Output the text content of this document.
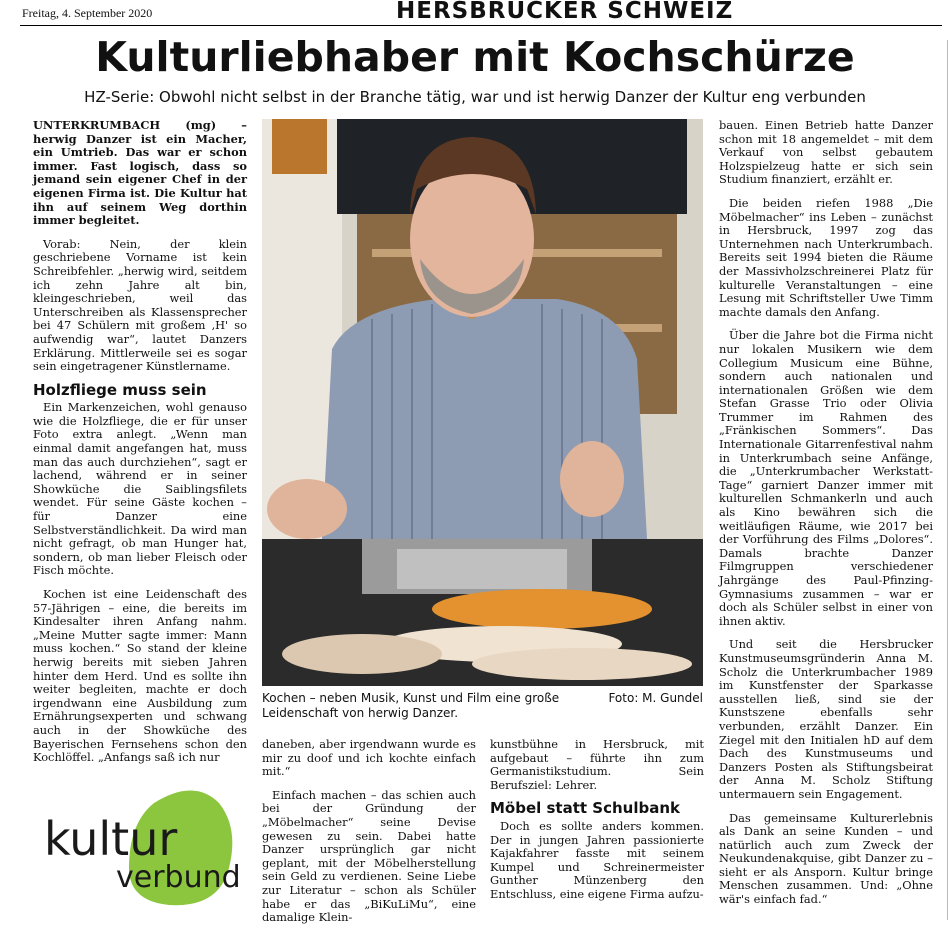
Freitag, 4. September 2020	HERSBRUCKER SCHWEIZ
Kulturliebhaber mit Kochschürze
HZ-Serie: Obwohl nicht selbst in der Branche tätig, war und ist herwig Danzer der Kultur eng verbunden

UNTERKRUMBACH (mg) – herwig Danzer ist ein Macher, ein Umtrieb. Das war er schon immer. Fast logisch, dass so jemand sein eigener Chef in der eigenen Firma ist. Die Kultur hat ihn auf seinem Weg dorthin immer begleitet.

Vorab: Nein, der klein geschriebene Vorname ist kein Schreibfehler. „herwig wird, seitdem ich zehn Jahre alt bin, kleingeschrieben, weil das Unterschreiben als Klassensprecher bei 47 Schülern mit großem ‚H' so aufwendig war“, lautet Danzers Erklärung. Mittlerweile sei es sogar sein eingetragener Künstlername.

Holzfliege muss sein

Ein Markenzeichen, wohl genauso wie die Holzfliege, die er für unser Foto extra anlegt. „Wenn man einmal damit angefangen hat, muss man das auch durchziehen“, sagt er lachend, während er in seiner Showküche die Saiblingsfilets wendet. Für seine Gäste kochen – für Danzer eine Selbstverständlichkeit. Da wird man nicht gefragt, ob man Hunger hat, sondern, ob man lieber Fleisch oder Fisch möchte.

Kochen ist eine Leidenschaft des 57-Jährigen – eine, die bereits im Kindesalter ihren Anfang nahm. „Meine Mutter sagte immer: Mann muss kochen.“ So stand der kleine herwig bereits mit sieben Jahren hinter dem Herd. Und es sollte ihn weiter begleiten, machte er doch irgendwann eine Ausbildung zum Ernährungsexperten und schwang auch in der Showküche des Bayerischen Fernsehens schon den Kochlöffel. „Anfangs saß ich nur

Foto: M. Gundel
Kochen – neben Musik, Kunst und Film eine große Leidenschaft von herwig Danzer.

daneben, aber irgendwann wurde es mir zu doof und ich kochte einfach mit.“

Einfach machen – das schien auch bei der Gründung der „Möbelmacher“ seine Devise gewesen zu sein. Dabei hatte Danzer ursprünglich gar nicht geplant, mit der Möbelherstellung sein Geld zu verdienen. Seine Liebe zur Literatur – schon als Schüler habe er das „BiKuLiMu“, eine damalige Klein-

kunstbühne in Hersbruck, mit aufgebaut – führte ihn zum Germanistikstudium. Sein Berufsziel: Lehrer.

Möbel statt Schulbank

Doch es sollte anders kommen. Der in jungen Jahren passionierte Kajakfahrer fasste mit seinem Kumpel und Schreinermeister Gunther Münzenberg den Entschluss, eine eigene Firma aufzu-

bauen. Einen Betrieb hatte Danzer schon mit 18 angemeldet – mit dem Verkauf von selbst gebautem Holzspielzeug hatte er sich sein Studium finanziert, erzählt er.

Die beiden riefen 1988 „Die Möbelmacher“ ins Leben – zunächst in Hersbruck, 1997 zog das Unternehmen nach Unterkrumbach. Bereits seit 1994 bieten die Räume der Massivholzschreinerei Platz für kulturelle Veranstaltungen – eine Lesung mit Schriftsteller Uwe Timm machte damals den Anfang.

Über die Jahre bot die Firma nicht nur lokalen Musikern wie dem Collegium Musicum eine Bühne, sondern auch nationalen und internationalen Größen wie dem Stefan Grasse Trio oder Olivia Trummer im Rahmen des „Fränkischen Sommers“. Das Internationale Gitarrenfestival nahm in Unterkrumbach seine Anfänge, die „Unterkrumbacher Werkstatt-Tage“ garniert Danzer immer mit kulturellen Schmankerln und auch als Kino bewähren sich die weitläufigen Räume, wie 2017 bei der Vorführung des Films „Dolores“. Damals brachte Danzer Filmgruppen verschiedener Jahrgänge des Paul-Pfinzing-Gymnasiums zusammen – war er doch als Schüler selbst in einer von ihnen aktiv.

Und seit die Hersbrucker Kunstmuseumsgründerin Anna M. Scholz die Unterkrumbacher 1989 im Kunstfenster der Sparkasse ausstellen ließ, sind sie der Kunstszene ebenfalls sehr verbunden, erzählt Danzer. Ein Ziegel mit den Initialen hD auf dem Dach des Kunstmuseums und Danzers Posten als Stiftungsbeirat der Anna M. Scholz Stiftung untermauern sein Engagement.

Das gemeinsame Kulturerlebnis als Dank an seine Kunden – und natürlich auch zum Zweck der Neukundenakquise, gibt Danzer zu – sieht er als Ansporn. Kultur bringe Menschen zusammen. Und: „Ohne wär's einfach fad.“

kultur
verbund
